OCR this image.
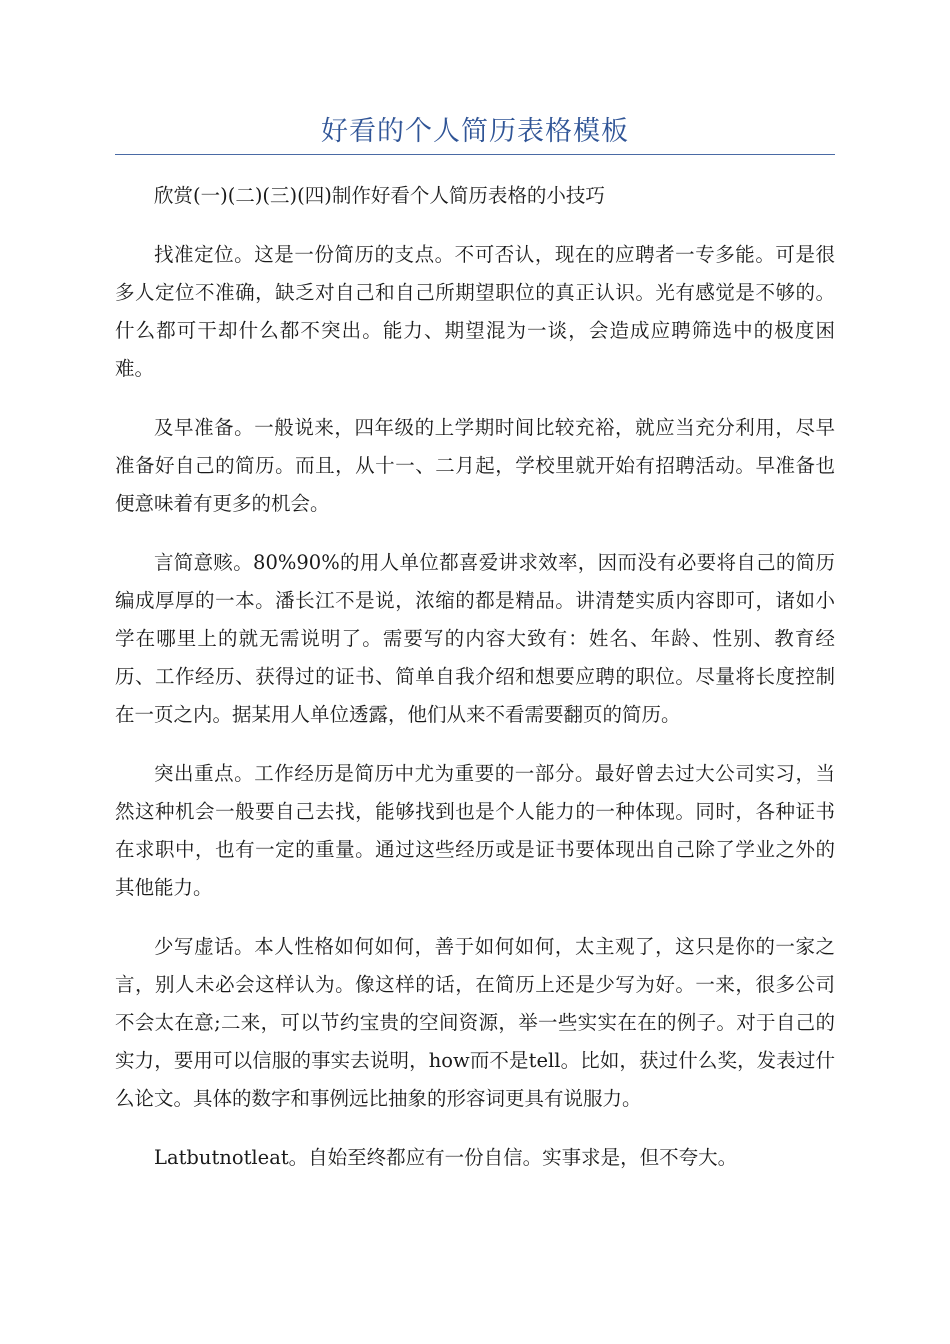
好看的个人简历表格模板

欣赏(一)(二)(三)(四)制作好看个人简历表格的小技巧

找准定位。这是一份简历的支点。不可否认，现在的应聘者一专多能。可是很多人定位不准确，缺乏对自己和自己所期望职位的真正认识。光有感觉是不够的。什么都可干却什么都不突出。能力、期望混为一谈，会造成应聘筛选中的极度困难。

及早准备。一般说来，四年级的上学期时间比较充裕，就应当充分利用，尽早准备好自己的简历。而且，从十一、二月起，学校里就开始有招聘活动。早准备也便意味着有更多的机会。

言简意赅。80%90%的用人单位都喜爱讲求效率，因而没有必要将自己的简历编成厚厚的一本。潘长江不是说，浓缩的都是精品。讲清楚实质内容即可，诸如小学在哪里上的就无需说明了。需要写的内容大致有：姓名、年龄、性别、教育经历、工作经历、获得过的证书、简单自我介绍和想要应聘的职位。尽量将长度控制在一页之内。据某用人单位透露，他们从来不看需要翻页的简历。

突出重点。工作经历是简历中尤为重要的一部分。最好曾去过大公司实习，当然这种机会一般要自己去找，能够找到也是个人能力的一种体现。同时，各种证书在求职中，也有一定的重量。通过这些经历或是证书要体现出自己除了学业之外的其他能力。

少写虚话。本人性格如何如何，善于如何如何，太主观了，这只是你的一家之言，别人未必会这样认为。像这样的话，在简历上还是少写为好。一来，很多公司不会太在意;二来，可以节约宝贵的空间资源，举一些实实在在的例子。对于自己的实力，要用可以信服的事实去说明，how而不是tell。比如，获过什么奖，发表过什么论文。具体的数字和事例远比抽象的形容词更具有说服力。

Latbutnotleat。自始至终都应有一份自信。实事求是，但不夸大。
